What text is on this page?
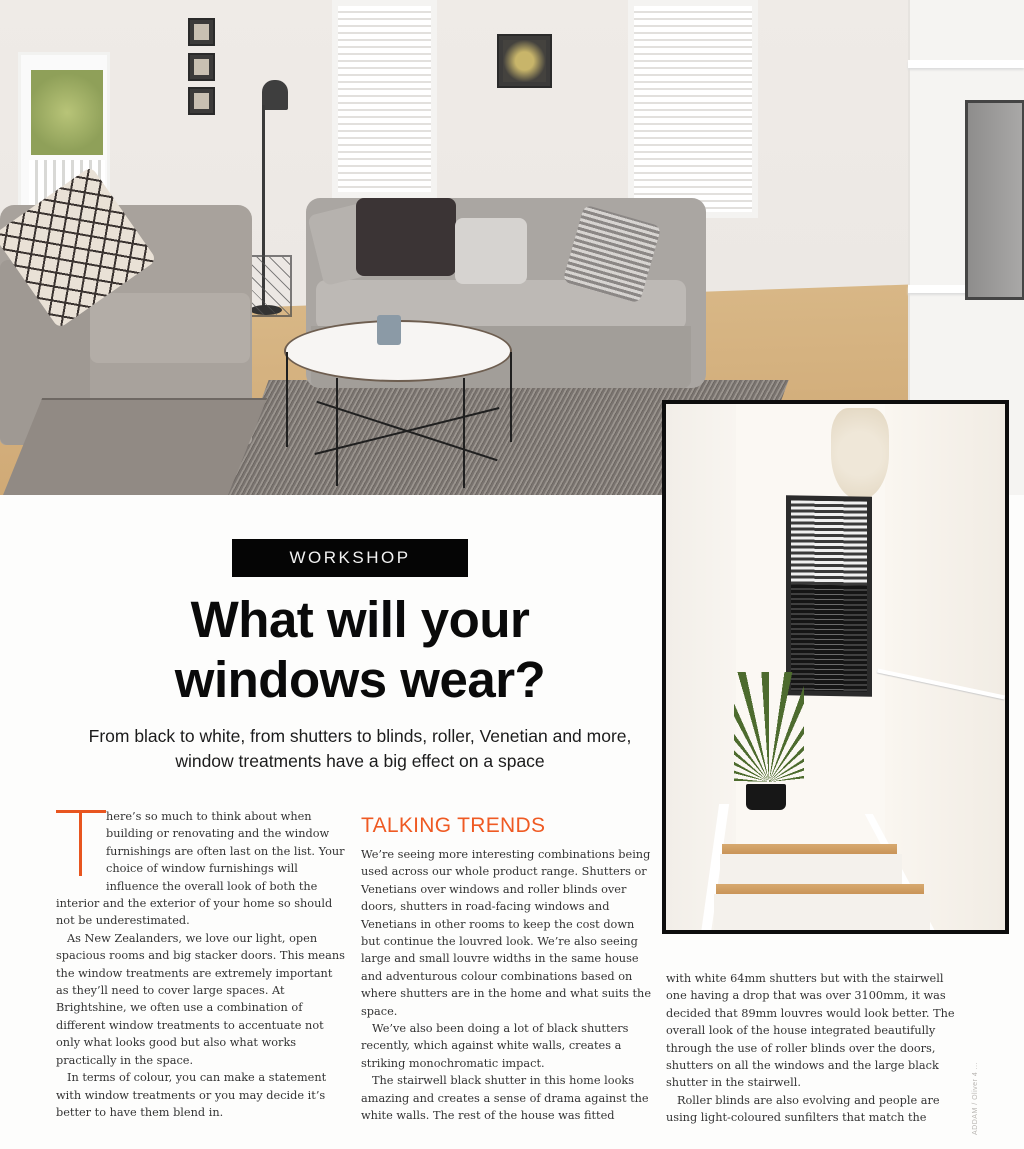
WORKSHOP
What will your
windows wear?

From black to white, from shutters to blinds, roller, Venetian and more, window treatments have a big effect on a space

here’s so much to think about when building or renovating and the window furnishings are often last on the list. Your choice of window furnishings will influence the overall look of both the interior and the exterior of your home so should not be underestimated.

As New Zealanders, we love our light, open spacious rooms and big stacker doors. This means the window treatments are extremely important as they’ll need to cover large spaces. At Brightshine, we often use a combination of different window treatments to accentuate not only what looks good but also what works practically in the space.

In terms of colour, you can make a statement with window treatments or you may decide it’s better to have them blend in.

TALKING TRENDS

We’re seeing more interesting combinations being used across our whole product range. Shutters or Venetians over windows and roller blinds over doors, shutters in road-facing windows and Venetians in other rooms to keep the cost down but continue the louvred look. We’re also seeing large and small louvre widths in the same house and adventurous colour combinations based on where shutters are in the home and what suits the space.

We’ve also been doing a lot of black shutters recently, which against white walls, creates a striking monochromatic impact.

The stairwell black shutter in this home looks amazing and creates a sense of drama against the white walls. The rest of the house was fitted

with white 64mm shutters but with the stairwell one having a drop that was over 3100mm, it was decided that 89mm louvres would look better. The overall look of the house integrated beautifully through the use of roller blinds over the doors, shutters on all the windows and the large black shutter in the stairwell.

Roller blinds are also evolving and people are using light-coloured sunfilters that match the	ADDAM / Oliver 4 ...
